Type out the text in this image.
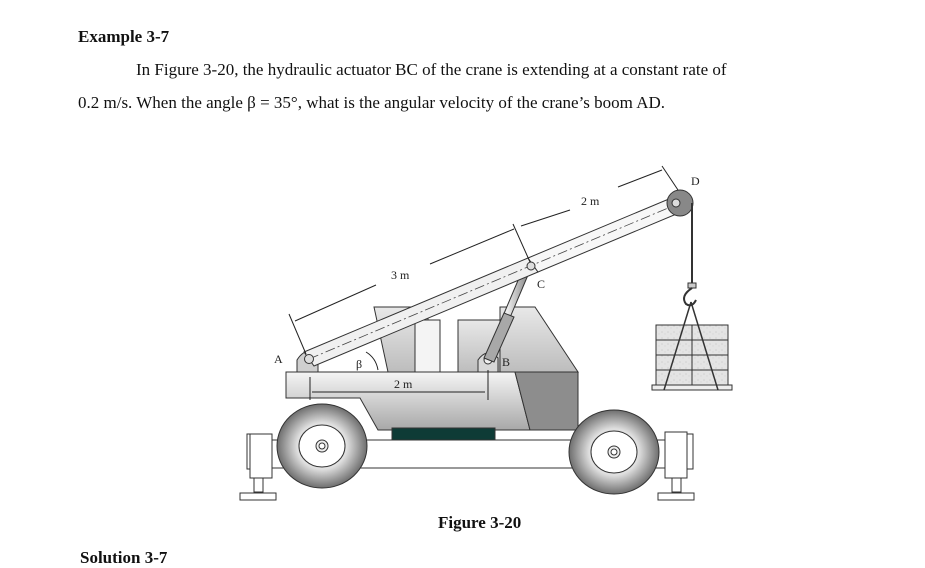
Example 3-7
In Figure 3-20, the hydraulic actuator BC of the crane is extending at a constant rate of
0.2 m/s. When the angle β = 35°, what is the angular velocity of the crane’s boom AD.
A	B
C
D
β
3 m
2 m
2 m
Figure 3-20
Solution 3-7
